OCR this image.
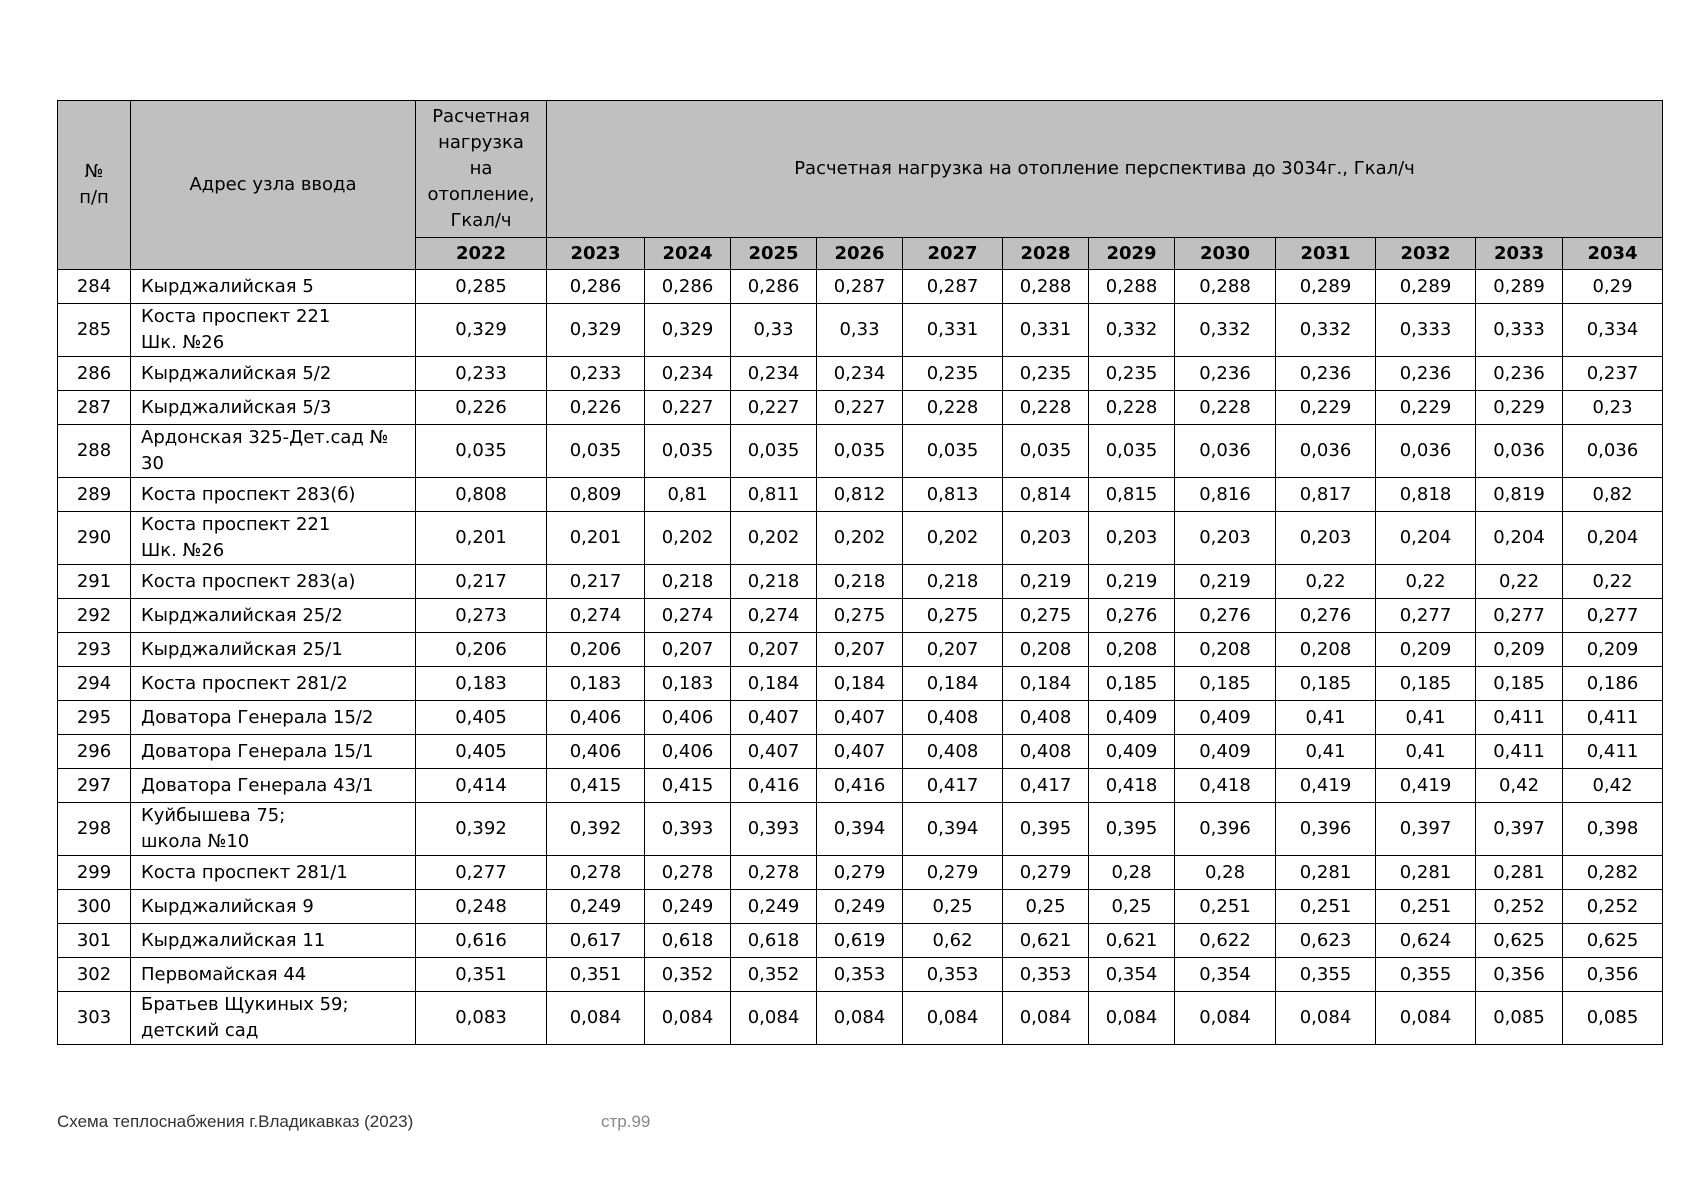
№
п/п	Адрес узла ввода	Расчетная
нагрузка
на
отопление,
Гкал/ч	Расчетная нагрузка на отопление перспектива до 3034г., Гкал/ч											
		2022	2023	2024	2025	2026	2027	2028	2029	2030	2031	2032	2033	2034
284	Кырджалийская 5	0,285	0,286	0,286	0,286	0,287	0,287	0,288	0,288	0,288	0,289	0,289	0,289	0,29
285	Коста проспект 221
Шк. №26	0,329	0,329	0,329	0,33	0,33	0,331	0,331	0,332	0,332	0,332	0,333	0,333	0,334
286	Кырджалийская 5/2	0,233	0,233	0,234	0,234	0,234	0,235	0,235	0,235	0,236	0,236	0,236	0,236	0,237
287	Кырджалийская 5/3	0,226	0,226	0,227	0,227	0,227	0,228	0,228	0,228	0,228	0,229	0,229	0,229	0,23
288	Ардонская 325-Дет.сад №
30	0,035	0,035	0,035	0,035	0,035	0,035	0,035	0,035	0,036	0,036	0,036	0,036	0,036
289	Коста проспект 283(б)	0,808	0,809	0,81	0,811	0,812	0,813	0,814	0,815	0,816	0,817	0,818	0,819	0,82
290	Коста проспект 221
Шк. №26	0,201	0,201	0,202	0,202	0,202	0,202	0,203	0,203	0,203	0,203	0,204	0,204	0,204
291	Коста проспект 283(а)	0,217	0,217	0,218	0,218	0,218	0,218	0,219	0,219	0,219	0,22	0,22	0,22	0,22
292	Кырджалийская 25/2	0,273	0,274	0,274	0,274	0,275	0,275	0,275	0,276	0,276	0,276	0,277	0,277	0,277
293	Кырджалийская 25/1	0,206	0,206	0,207	0,207	0,207	0,207	0,208	0,208	0,208	0,208	0,209	0,209	0,209
294	Коста проспект 281/2	0,183	0,183	0,183	0,184	0,184	0,184	0,184	0,185	0,185	0,185	0,185	0,185	0,186
295	Доватора Генерала 15/2	0,405	0,406	0,406	0,407	0,407	0,408	0,408	0,409	0,409	0,41	0,41	0,411	0,411
296	Доватора Генерала 15/1	0,405	0,406	0,406	0,407	0,407	0,408	0,408	0,409	0,409	0,41	0,41	0,411	0,411
297	Доватора Генерала 43/1	0,414	0,415	0,415	0,416	0,416	0,417	0,417	0,418	0,418	0,419	0,419	0,42	0,42
298	Куйбышева 75;
школа №10	0,392	0,392	0,393	0,393	0,394	0,394	0,395	0,395	0,396	0,396	0,397	0,397	0,398
299	Коста проспект 281/1	0,277	0,278	0,278	0,278	0,279	0,279	0,279	0,28	0,28	0,281	0,281	0,281	0,282
300	Кырджалийская 9	0,248	0,249	0,249	0,249	0,249	0,25	0,25	0,25	0,251	0,251	0,251	0,252	0,252
301	Кырджалийская 11	0,616	0,617	0,618	0,618	0,619	0,62	0,621	0,621	0,622	0,623	0,624	0,625	0,625
302	Первомайская 44	0,351	0,351	0,352	0,352	0,353	0,353	0,353	0,354	0,354	0,355	0,355	0,356	0,356
303	Братьев Щукиных 59;
детский сад	0,083	0,084	0,084	0,084	0,084	0,084	0,084	0,084	0,084	0,084	0,084	0,085	0,085
Схема теплоснабжения г.Владикавказ (2023)	стр.99
